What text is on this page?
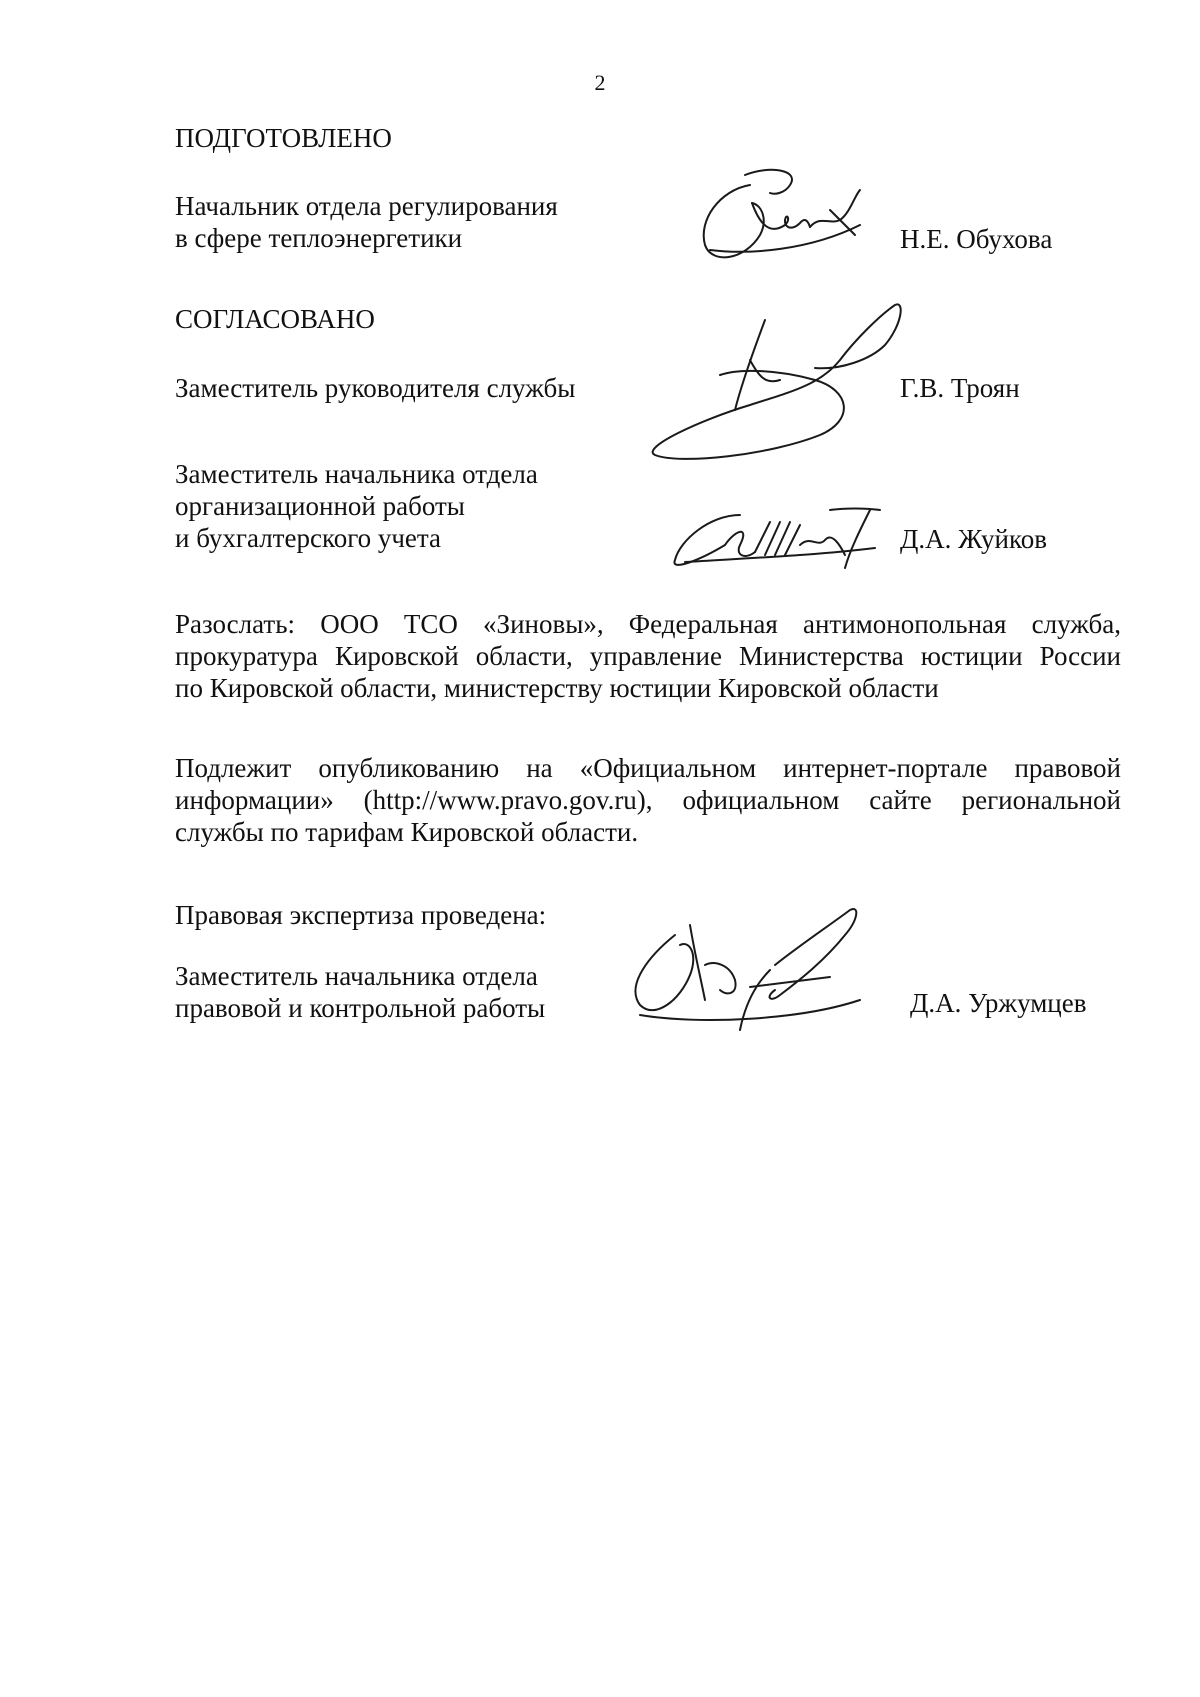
2
ПОДГОТОВЛЕНО
Начальник отдела регулирования
в сфере теплоэнергетики	Н.Е. Обухова
СОГЛАСОВАНО
Заместитель руководителя службы	Г.В. Троян
Заместитель начальника отдела
организационной работы
и бухгалтерского учета	Д.А. Жуйков
Разослать: ООО ТСО «Зиновы», Федеральная антимонопольная служба,
прокуратура Кировской области, управление Министерства юстиции России
по Кировской области, министерству юстиции Кировской области
Подлежит опубликованию на «Официальном интернет-портале правовой
информации» (http://www.pravo.gov.ru), официальном сайте региональной
службы по тарифам Кировской области.
Правовая экспертиза проведена:
Заместитель начальника отдела
правовой и контрольной работы	Д.А. Уржумцев
